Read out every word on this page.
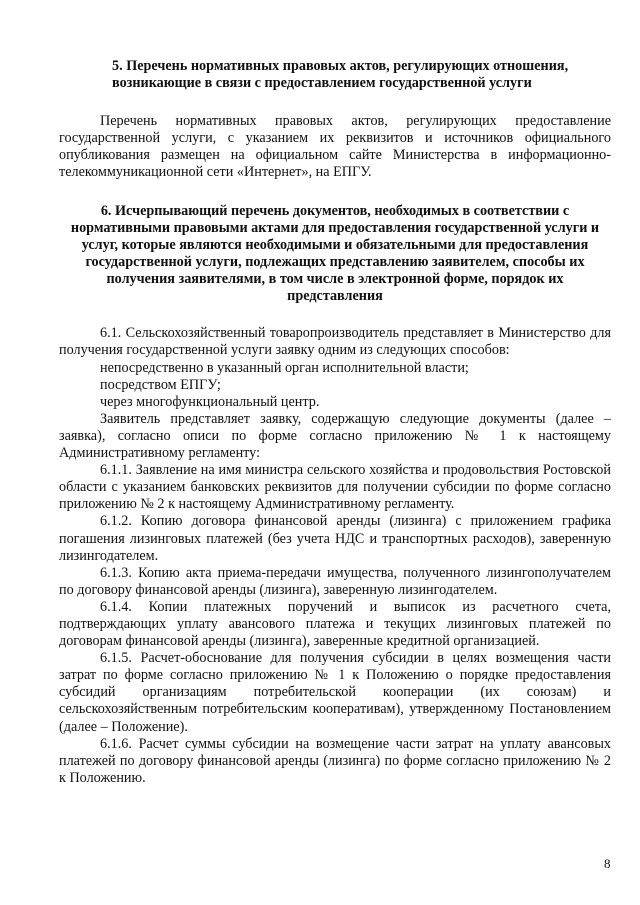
5. Перечень нормативных правовых актов, регулирующих отношения, возникающие в связи с предоставлением государственной услуги

Перечень нормативных правовых актов, регулирующих предоставление государственной услуги, с указанием их реквизитов и источников официального опубликования размещен на официальном сайте Министерства в информационно-телекоммуникационной сети «Интернет», на ЕПГУ.

6. Исчерпывающий перечень документов, необходимых в соответствии с нормативными правовыми актами для предоставления государственной услуги и услуг, которые являются необходимыми и обязательными для предоставления государственной услуги, подлежащих представлению заявителем, способы их получения заявителями, в том числе в электронной форме, порядок их представления

6.1. Сельскохозяйственный товаропроизводитель представляет в Министерство для получения государственной услуги заявку одним из следующих способов:

непосредственно в указанный орган исполнительной власти;

посредством ЕПГУ;

через многофункциональный центр.

Заявитель представляет заявку, содержащую следующие документы (далее – заявка), согласно описи по форме согласно приложению № 1 к настоящему Административному регламенту:

6.1.1. Заявление на имя министра сельского хозяйства и продовольствия Ростовской области с указанием банковских реквизитов для получении субсидии по форме согласно приложению № 2 к настоящему Административному регламенту.

6.1.2. Копию договора финансовой аренды (лизинга) с приложением графика погашения лизинговых платежей (без учета НДС и транспортных расходов), заверенную лизингодателем.

6.1.3. Копию акта приема-передачи имущества, полученного лизингополучателем по договору финансовой аренды (лизинга), заверенную лизингодателем.

6.1.4. Копии платежных поручений и выписок из расчетного счета, подтверждающих уплату авансового платежа и текущих лизинговых платежей по договорам финансовой аренды (лизинга), заверенные кредитной организацией.

6.1.5. Расчет-обоснование для получения субсидии в целях возмещения части затрат по форме согласно приложению № 1 к Положению о порядке предоставления субсидий организациям потребительской кооперации (их союзам) и сельскохозяйственным потребительским кооперативам), утвержденному Постановлением (далее – Положение).

6.1.6. Расчет суммы субсидии на возмещение части затрат на уплату авансовых платежей по договору финансовой аренды (лизинга) по форме согласно приложению № 2 к Положению.

8
